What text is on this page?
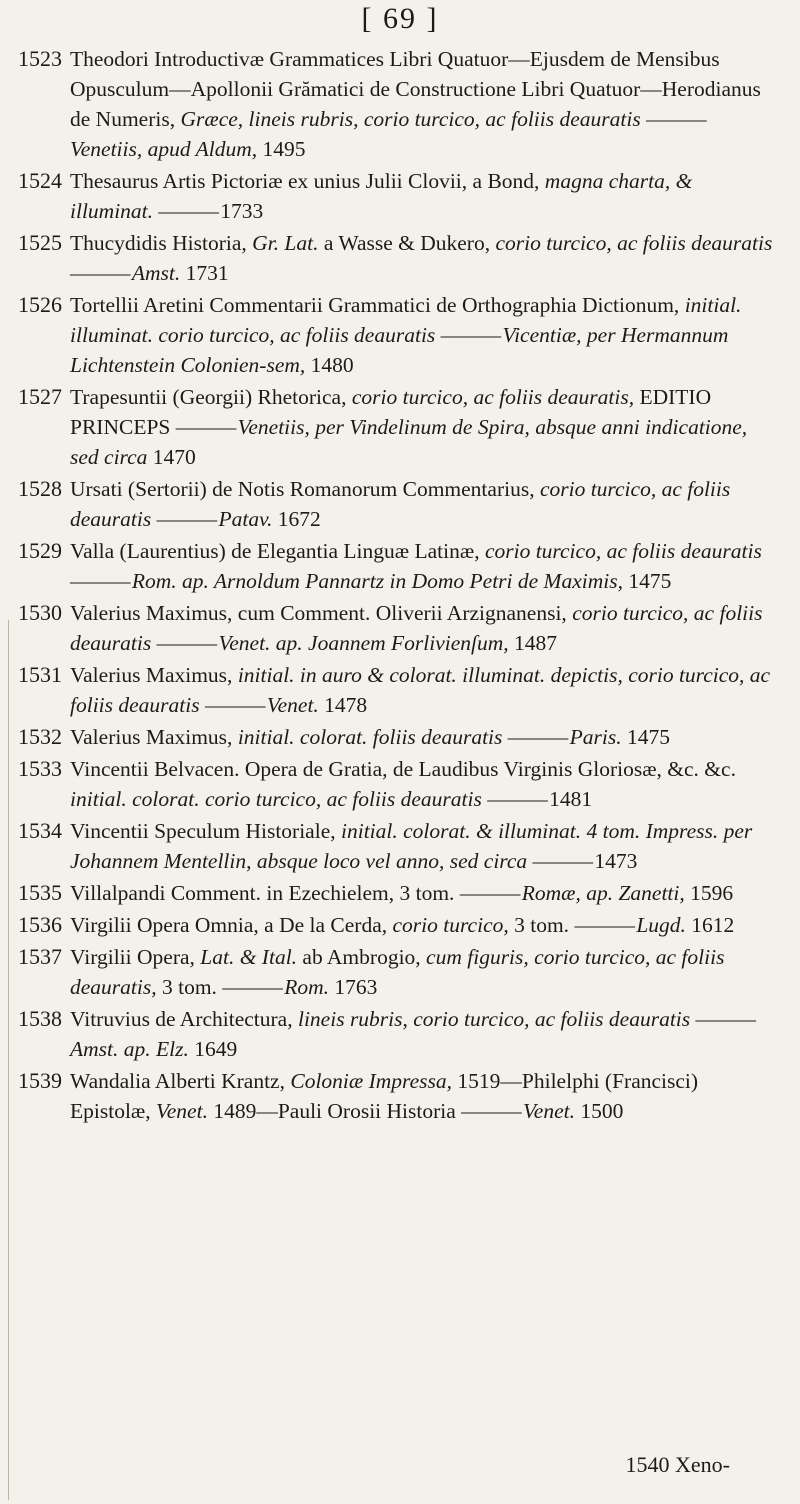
[ 69 ]
1523 Theodori Introductivæ Grammatices Libri Quatuor—Ejusdem de Mensibus Opusculum—Apollonii Grămatici de Constructione Libri Quatuor—Herodianus de Numeris, Græce, lineis rubris, corio turcico, ac foliis deauratis ——— Venetiis, apud Aldum, 1495
1524 Thesaurus Artis Pictoriæ ex unius Julii Clovii, a Bond, magna charta, & illuminat. ——— 1733
1525 Thucydidis Historia, Gr. Lat. a Wasse & Dukero, corio turcico, ac foliis deauratis ——— Amst. 1731
1526 Tortellii Aretini Commentarii Grammatici de Orthographia Dictionum, initial. illuminat. corio turcico, ac foliis deauratis ——— Vicentiæ, per Hermannum Lichtenstein Colonien-sem, 1480
1527 Trapesuntii (Georgii) Rhetorica, corio turcico, ac foliis deauratis, EDITIO PRINCEPS ——— Venetiis, per Vindelinum de Spira, absque anni indicatione, sed circa 1470
1528 Ursati (Sertorii) de Notis Romanorum Commentarius, corio turcico, ac foliis deauratis ——— Patav. 1672
1529 Valla (Laurentius) de Elegantia Linguæ Latinæ, corio turcico, ac foliis deauratis ——— Rom. ap. Arnoldum Pannartz in Domo Petri de Maximis, 1475
1530 Valerius Maximus, cum Comment. Oliverii Arzignanensi, corio turcico, ac foliis deauratis ——— Venet. ap. Joannem Forlivienſum, 1487
1531 Valerius Maximus, initial. in auro & colorat. illuminat. depictis, corio turcico, ac foliis deauratis ——— Venet. 1478
1532 Valerius Maximus, initial. colorat. foliis deauratis ——— Paris. 1475
1533 Vincentii Belvacen. Opera de Gratia, de Laudibus Virginis Gloriosæ, &c. &c. initial. colorat. corio turcico, ac foliis deauratis ——— 1481
1534 Vincentii Speculum Historiale, initial. colorat. & illuminat. 4 tom. Impress. per Johannem Mentellin, absque loco vel anno, sed circa ——— 1473
1535 Villalpandi Comment. in Ezechielem, 3 tom. ——— Romæ, ap. Zanetti, 1596
1536 Virgilii Opera Omnia, a De la Cerda, corio turcico, 3 tom. ——— Lugd. 1612
1537 Virgilii Opera, Lat. & Ital. ab Ambrogio, cum figuris, corio turcico, ac foliis deauratis, 3 tom. ——— Rom. 1763
1538 Vitruvius de Architectura, lineis rubris, corio turcico, ac foliis deauratis ——— Amst. ap. Elz. 1649
1539 Wandalia Alberti Krantz, Coloniæ Impressa, 1519—Philelphi (Francisci) Epistolæ, Venet. 1489—Pauli Orosii Historia ——— Venet. 1500
1540 Xeno-
